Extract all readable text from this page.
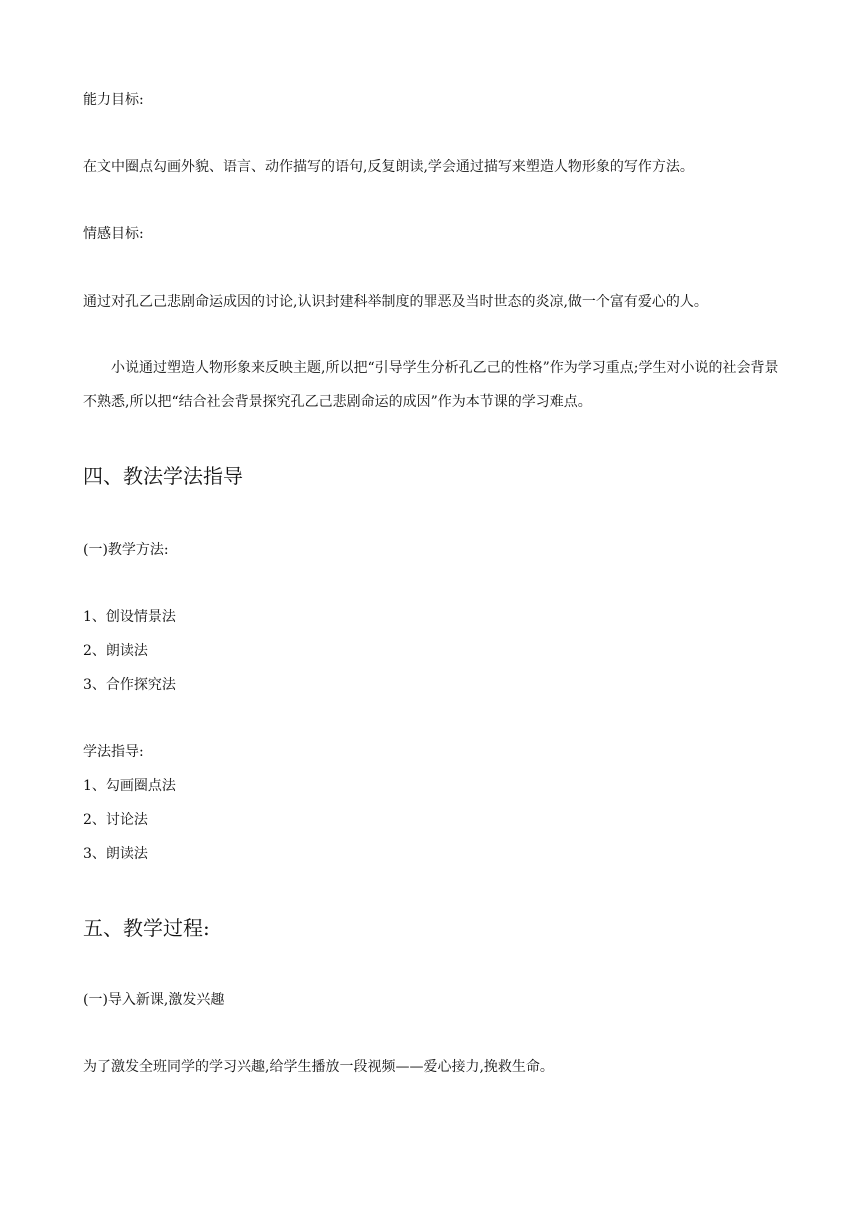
能力目标:

在文中圈点勾画外貌、语言、动作描写的语句,反复朗读,学会通过描写来塑造人物形象的写作方法。

情感目标:

通过对孔乙己悲剧命运成因的讨论,认识封建科举制度的罪恶及当时世态的炎凉,做一个富有爱心的人。

小说通过塑造人物形象来反映主题,所以把“引导学生分析孔乙己的性格”作为学习重点;学生对小说的社会背景不熟悉,所以把“结合社会背景探究孔乙己悲剧命运的成因”作为本节课的学习难点。

四、教法学法指导

(一)教学方法:

1、创设情景法

2、朗读法

3、合作探究法

学法指导:

1、勾画圈点法

2、讨论法

3、朗读法

五、教学过程:

(一)导入新课,激发兴趣

为了激发全班同学的学习兴趣,给学生播放一段视频——爱心接力,挽救生命。
